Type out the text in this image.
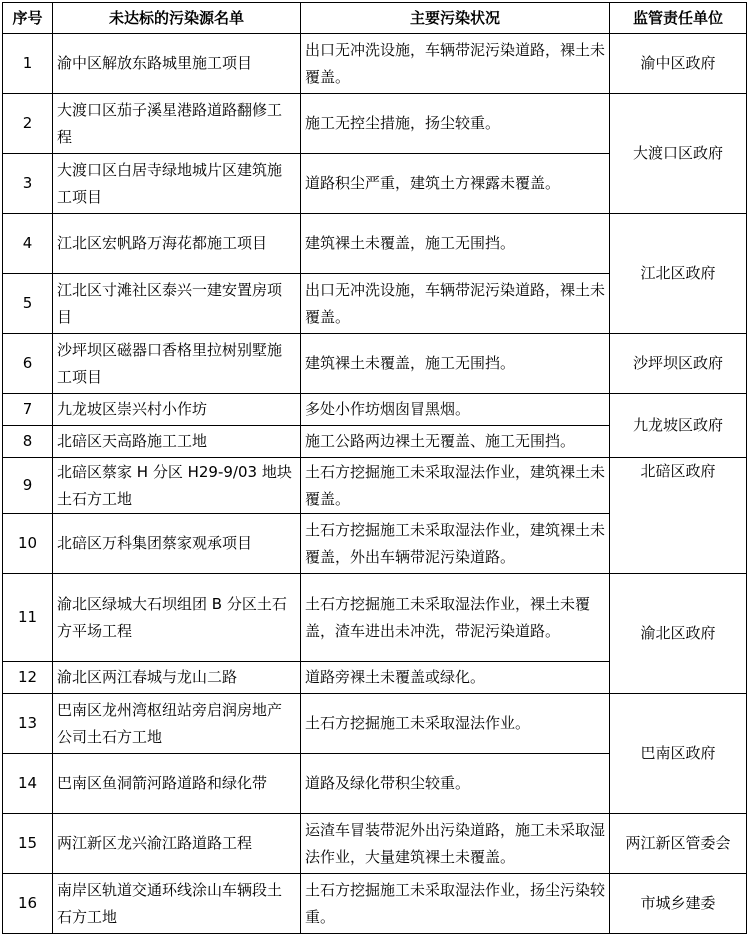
序号	未达标的污染源名单	主要污染状况	监管责任单位
1	渝中区解放东路城里施工项目	出口无冲洗设施，车辆带泥污染道路，裸土未覆盖。	渝中区政府
2	大渡口区茄子溪星港路道路翻修工程	施工无控尘措施，扬尘较重。	大渡口区政府
3	大渡口区白居寺绿地城片区建筑施工项目	道路积尘严重，建筑土方裸露未覆盖。	
4	江北区宏帆路万海花都施工项目	建筑裸土未覆盖，施工无围挡。	江北区政府
5	江北区寸滩社区泰兴一建安置房项目	出口无冲洗设施，车辆带泥污染道路，裸土未覆盖。	
6	沙坪坝区磁器口香格里拉树别墅施工项目	建筑裸土未覆盖，施工无围挡。	沙坪坝区政府
7	九龙坡区崇兴村小作坊	多处小作坊烟囱冒黑烟。	九龙坡区政府
8	北碚区天高路施工工地	施工公路两边裸土无覆盖、施工无围挡。	
9	北碚区蔡家 H 分区 H29-9/03 地块土石方工地	土石方挖掘施工未采取湿法作业，建筑裸土未覆盖。	北碚区政府
10	北碚区万科集团蔡家观承项目	土石方挖掘施工未采取湿法作业，建筑裸土未覆盖，外出车辆带泥污染道路。	
11	渝北区绿城大石坝组团 B 分区土石方平场工程	土石方挖掘施工未采取湿法作业，裸土未覆盖，渣车进出未冲洗，带泥污染道路。	渝北区政府
12	渝北区两江春城与龙山二路	道路旁裸土未覆盖或绿化。	
13	巴南区龙州湾枢纽站旁启润房地产公司土石方工地	土石方挖掘施工未采取湿法作业。	巴南区政府
14	巴南区鱼洞箭河路道路和绿化带	道路及绿化带积尘较重。	
15	两江新区龙兴渝江路道路工程	运渣车冒装带泥外出污染道路，施工未采取湿法作业，大量建筑裸土未覆盖。	两江新区管委会
16	南岸区轨道交通环线涂山车辆段土石方工地	土石方挖掘施工未采取湿法作业，扬尘污染较重。	市城乡建委
